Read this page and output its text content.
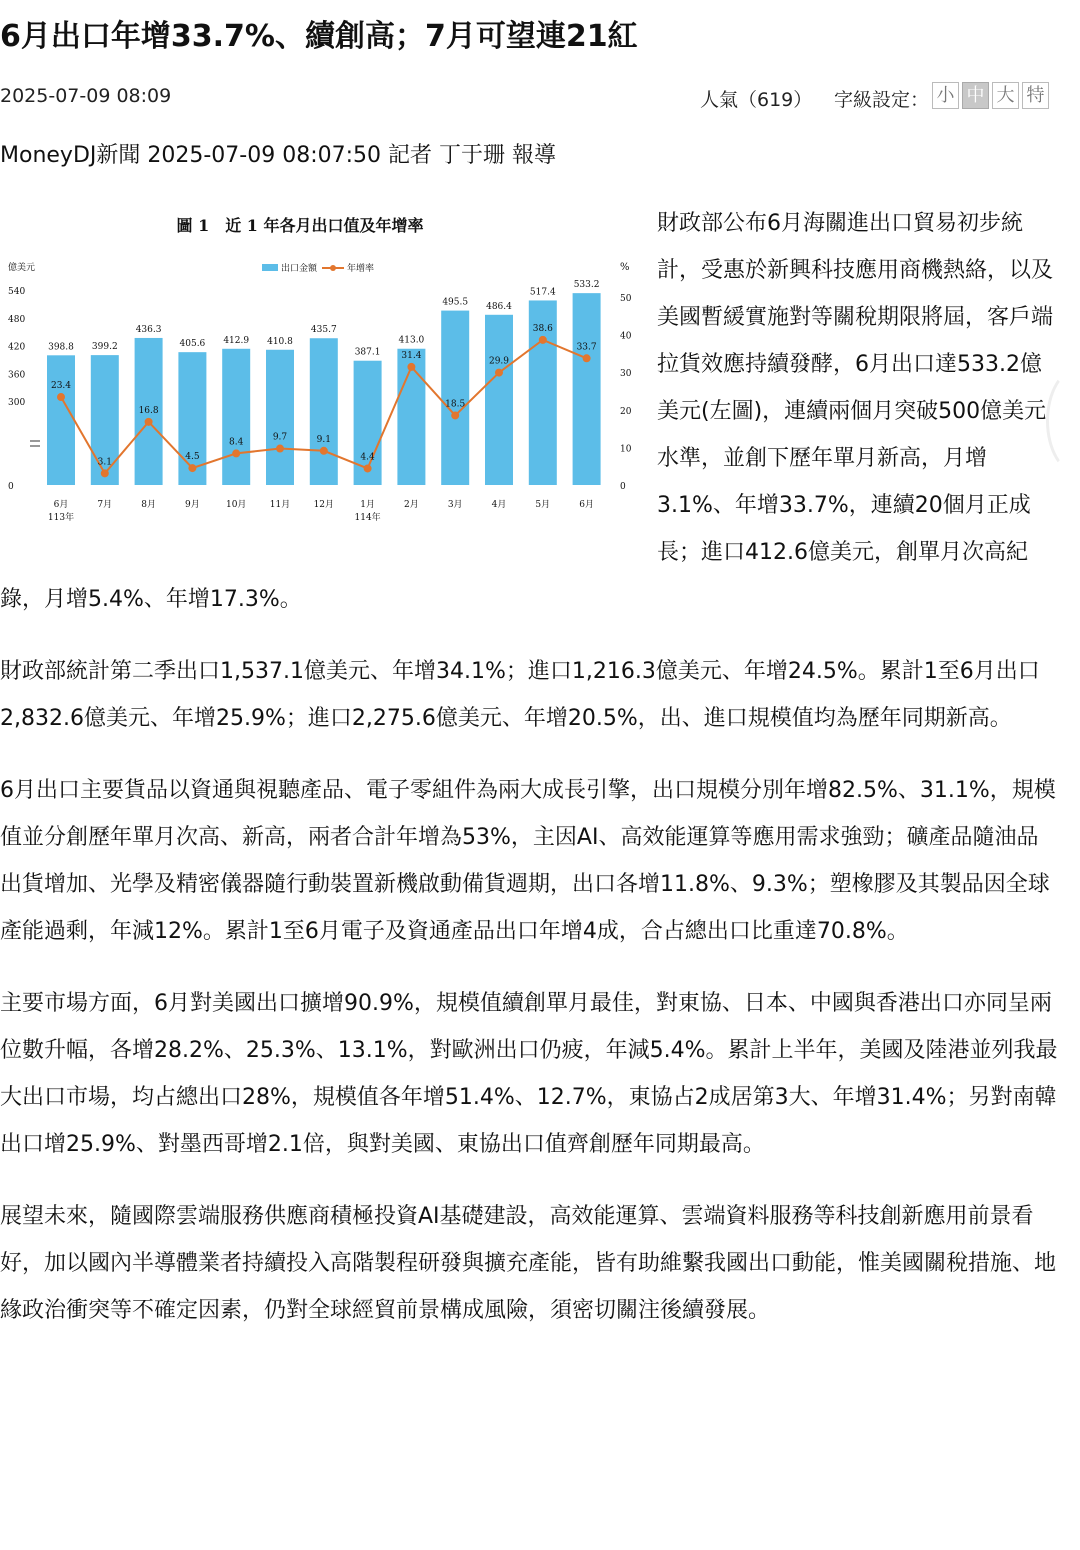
6月出口年增33.7%、續創高；7月可望連21紅
2025-07-09 08:09	人氣（619） 字級設定： 小 中 大 特
MoneyDJ新聞 2025-07-09 08:07:50 記者 丁于珊 報導
圖 1　近 1 年各月出口值及年增率
億美元	%
出口金額	年增率
540
480
420
360
300
0
50
40
30
20
10
0
398.8 399.2
436.3
405.6 412.9 410.8
435.7
387.1
413.0
495.5 486.4
517.4
533.2
23.4
3.1
16.8
4.5
8.4	9.7	9.1
4.4
31.4
18.5
29.9
38.6
33.7
6月 113年
7月	8月	9月	10月	11月	12月	1月 114年
2月	3月	4月	5月	6月

財政部公布6月海關進出口貿易初步統計，受惠於新興科技應用商機熱絡，以及美國暫緩實施對等關稅期限將屆，客戶端拉貨效應持續發酵，6月出口達533.2億美元(左圖)，連續兩個月突破500億美元水準，並創下歷年單月新高，月增3.1%、年增33.7%，連續20個月正成長；進口412.6億美元，創單月次高紀錄，月增5.4%、年增17.3%。

財政部統計第二季出口1,537.1億美元、年增34.1%；進口1,216.3億美元、年增24.5%。累計1至6月出口2,832.6億美元、年增25.9%；進口2,275.6億美元、年增20.5%，出、進口規模值均為歷年同期新高。

6月出口主要貨品以資通與視聽產品、電子零組件為兩大成長引擎，出口規模分別年增82.5%、31.1%，規模值並分創歷年單月次高、新高，兩者合計年增為53%，主因AI、高效能運算等應用需求強勁；礦產品隨油品出貨增加、光學及精密儀器隨行動裝置新機啟動備貨週期，出口各增11.8%、9.3%；塑橡膠及其製品因全球產能過剩，年減12%。累計1至6月電子及資通產品出口年增4成，合占總出口比重達70.8%。

主要市場方面，6月對美國出口擴增90.9%，規模值續創單月最佳，對東協、日本、中國與香港出口亦同呈兩位數升幅，各增28.2%、25.3%、13.1%，對歐洲出口仍疲，年減5.4%。累計上半年，美國及陸港並列我最大出口市場，均占總出口28%，規模值各年增51.4%、12.7%，東協占2成居第3大、年增31.4%；另對南韓出口增25.9%、對墨西哥增2.1倍，與對美國、東協出口值齊創歷年同期最高。

展望未來，隨國際雲端服務供應商積極投資AI基礎建設，高效能運算、雲端資料服務等科技創新應用前景看好，加以國內半導體業者持續投入高階製程研發與擴充產能，皆有助維繫我國出口動能，惟美國關稅措施、地緣政治衝突等不確定因素，仍對全球經貿前景構成風險，須密切關注後續發展。
